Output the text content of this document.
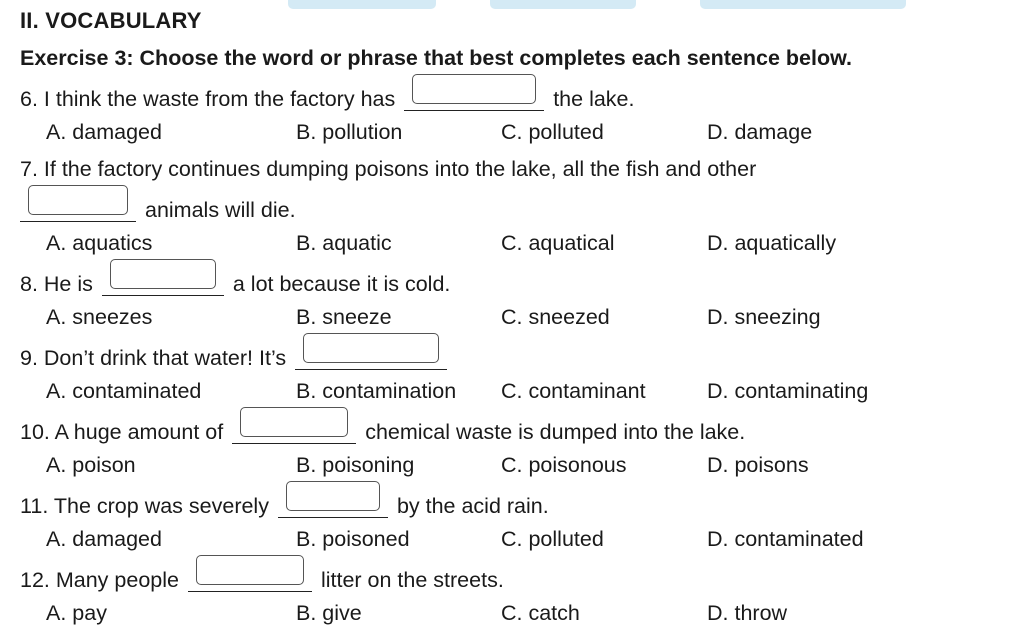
II. VOCABULARY
Exercise 3: Choose the word or phrase that best completes each sentence below.
6. I think the waste from the factory has	the lake.
A. damaged	B. pollution	C. polluted	D. damage
7. If the factory continues dumping poisons into the lake, all the fish and other
animals will die.
A. aquatics	B. aquatic	C. aquatical	D. aquatically
8. He is	a lot because it is cold.
A. sneezes	B. sneeze	C. sneezed	D. sneezing
9. Don’t drink that water! It’s
A. contaminated	B. contamination C. contaminant	D. contaminating
10. A huge amount of	chemical waste is dumped into the lake.
A. poison	B. poisoning	C. poisonous	D. poisons
11. The crop was severely	by the acid rain.
A. damaged	B. poisoned	C. polluted	D. contaminated
12. Many people	litter on the streets.
A. pay	B. give	C. catch	D. throw
